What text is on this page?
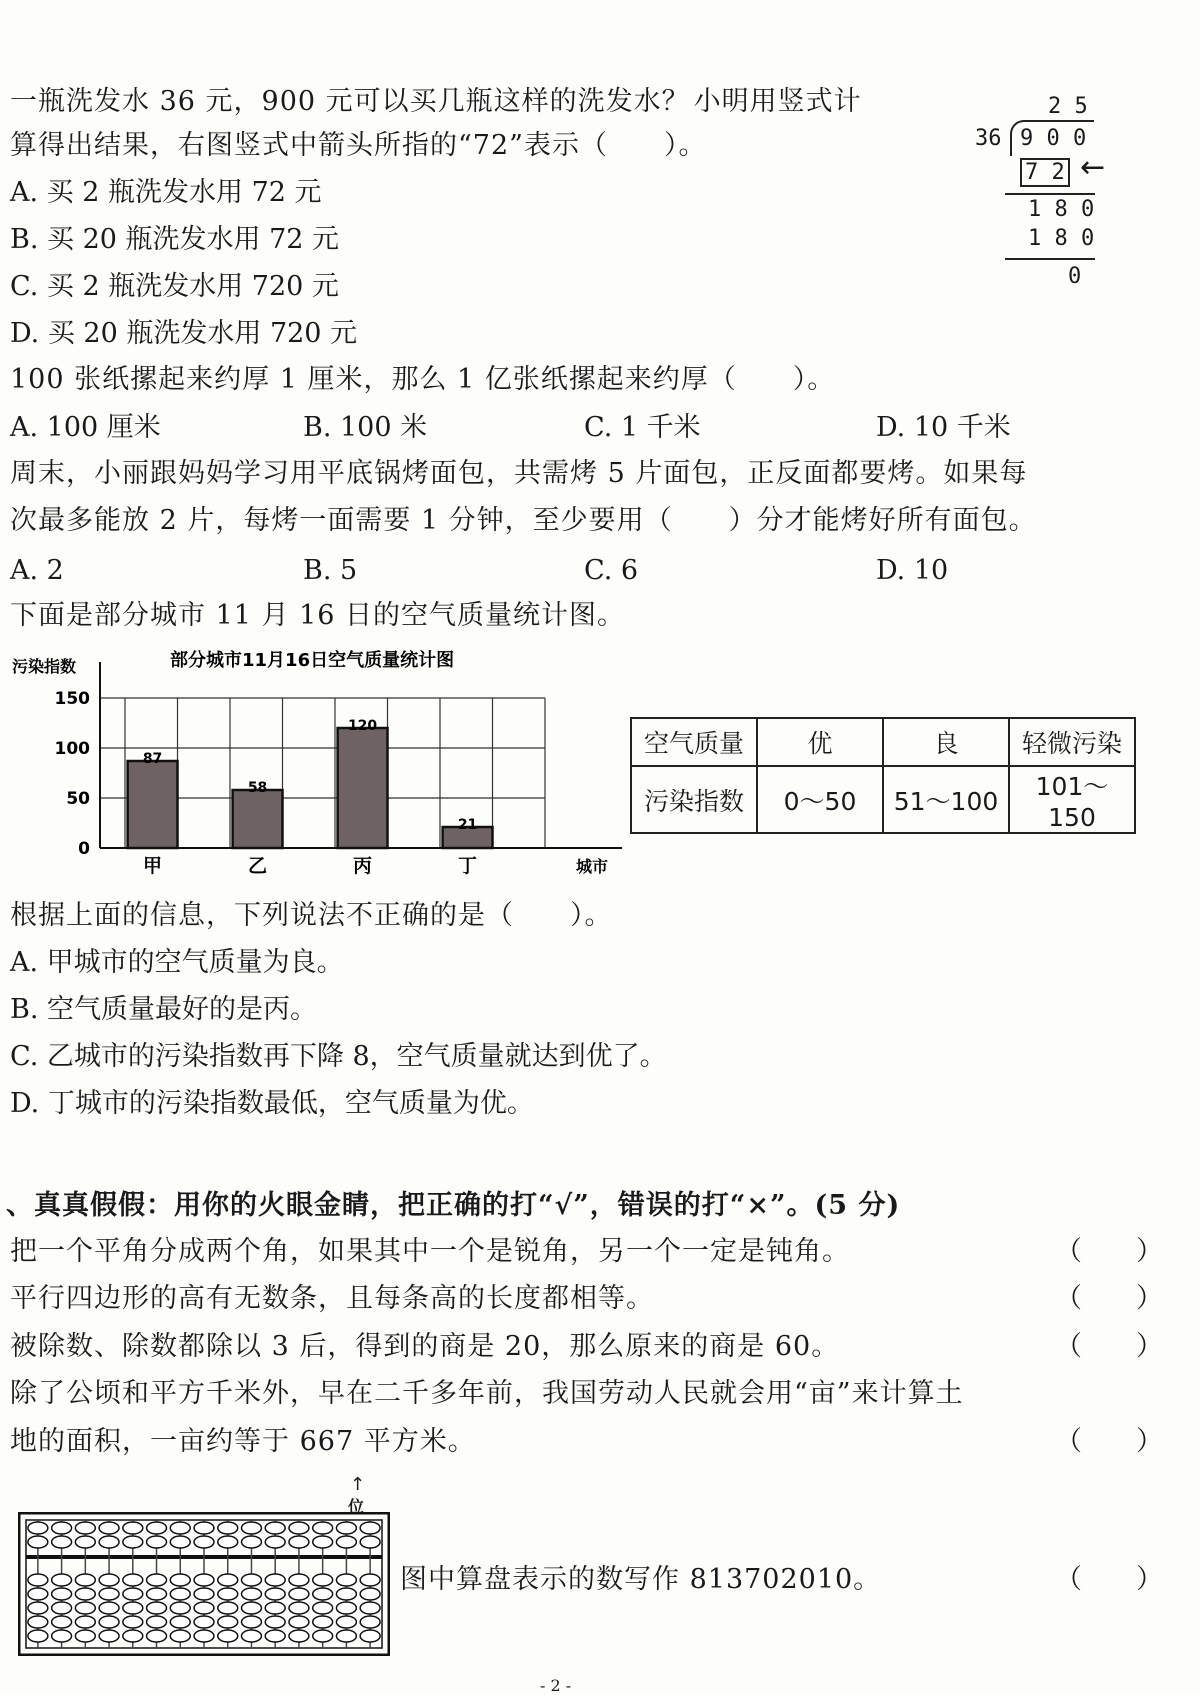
一瓶洗发水 36 元，900 元可以买几瓶这样的洗发水？ 小明用竖式计
算得出结果，右图竖式中箭头所指的“72”表示（　　）。
A. 买 2 瓶洗发水用 72 元
B. 买 20 瓶洗发水用 72 元
C. 买 2 瓶洗发水用 720 元
D. 买 20 瓶洗发水用 720 元
2 5
36 9 0 0
7 2 ←
1 8 0
1 8 0
0
100 张纸摞起来约厚 1 厘米，那么 1 亿张纸摞起来约厚（　　）。
A. 100 厘米	B. 100 米	C. 1 千米	D. 10 千米
周末，小丽跟妈妈学习用平底锅烤面包，共需烤 5 片面包，正反面都要烤。如果每
次最多能放 2 片，每烤一面需要 1 分钟，至少要用（　　）分才能烤好所有面包。
A. 2	B. 5	C. 6	D. 10
下面是部分城市 11 月 16 日的空气质量统计图。
部分城市11月16日空气质量统计图
污染指数
城市
0
50
100
150
87
甲
58
乙
120
丙
21
丁
空气质量	优	良	轻微污染
污染指数	0～50	51～100	101～150
根据上面的信息，下列说法不正确的是（　　）。
A. 甲城市的空气质量为良。
B. 空气质量最好的是丙。
C. 乙城市的污染指数再下降 8，空气质量就达到优了。
D. 丁城市的污染指数最低，空气质量为优。
、真真假假：用你的火眼金睛，把正确的打“√”，错误的打“×”。(5 分)
把一个平角分成两个角，如果其中一个是锐角，另一个一定是钝角。	（　　）
平行四边形的高有无数条，且每条高的长度都相等。	（　　）
被除数、除数都除以 3 后，得到的商是 20，那么原来的商是 60。	（　　）
除了公顷和平方千米外，早在二千多年前，我国劳动人民就会用“亩”来计算土
地的面积，一亩约等于 667 平方米。	（　　）
↑
位
图中算盘表示的数写作 813702010。	（　　）
- 2 -
